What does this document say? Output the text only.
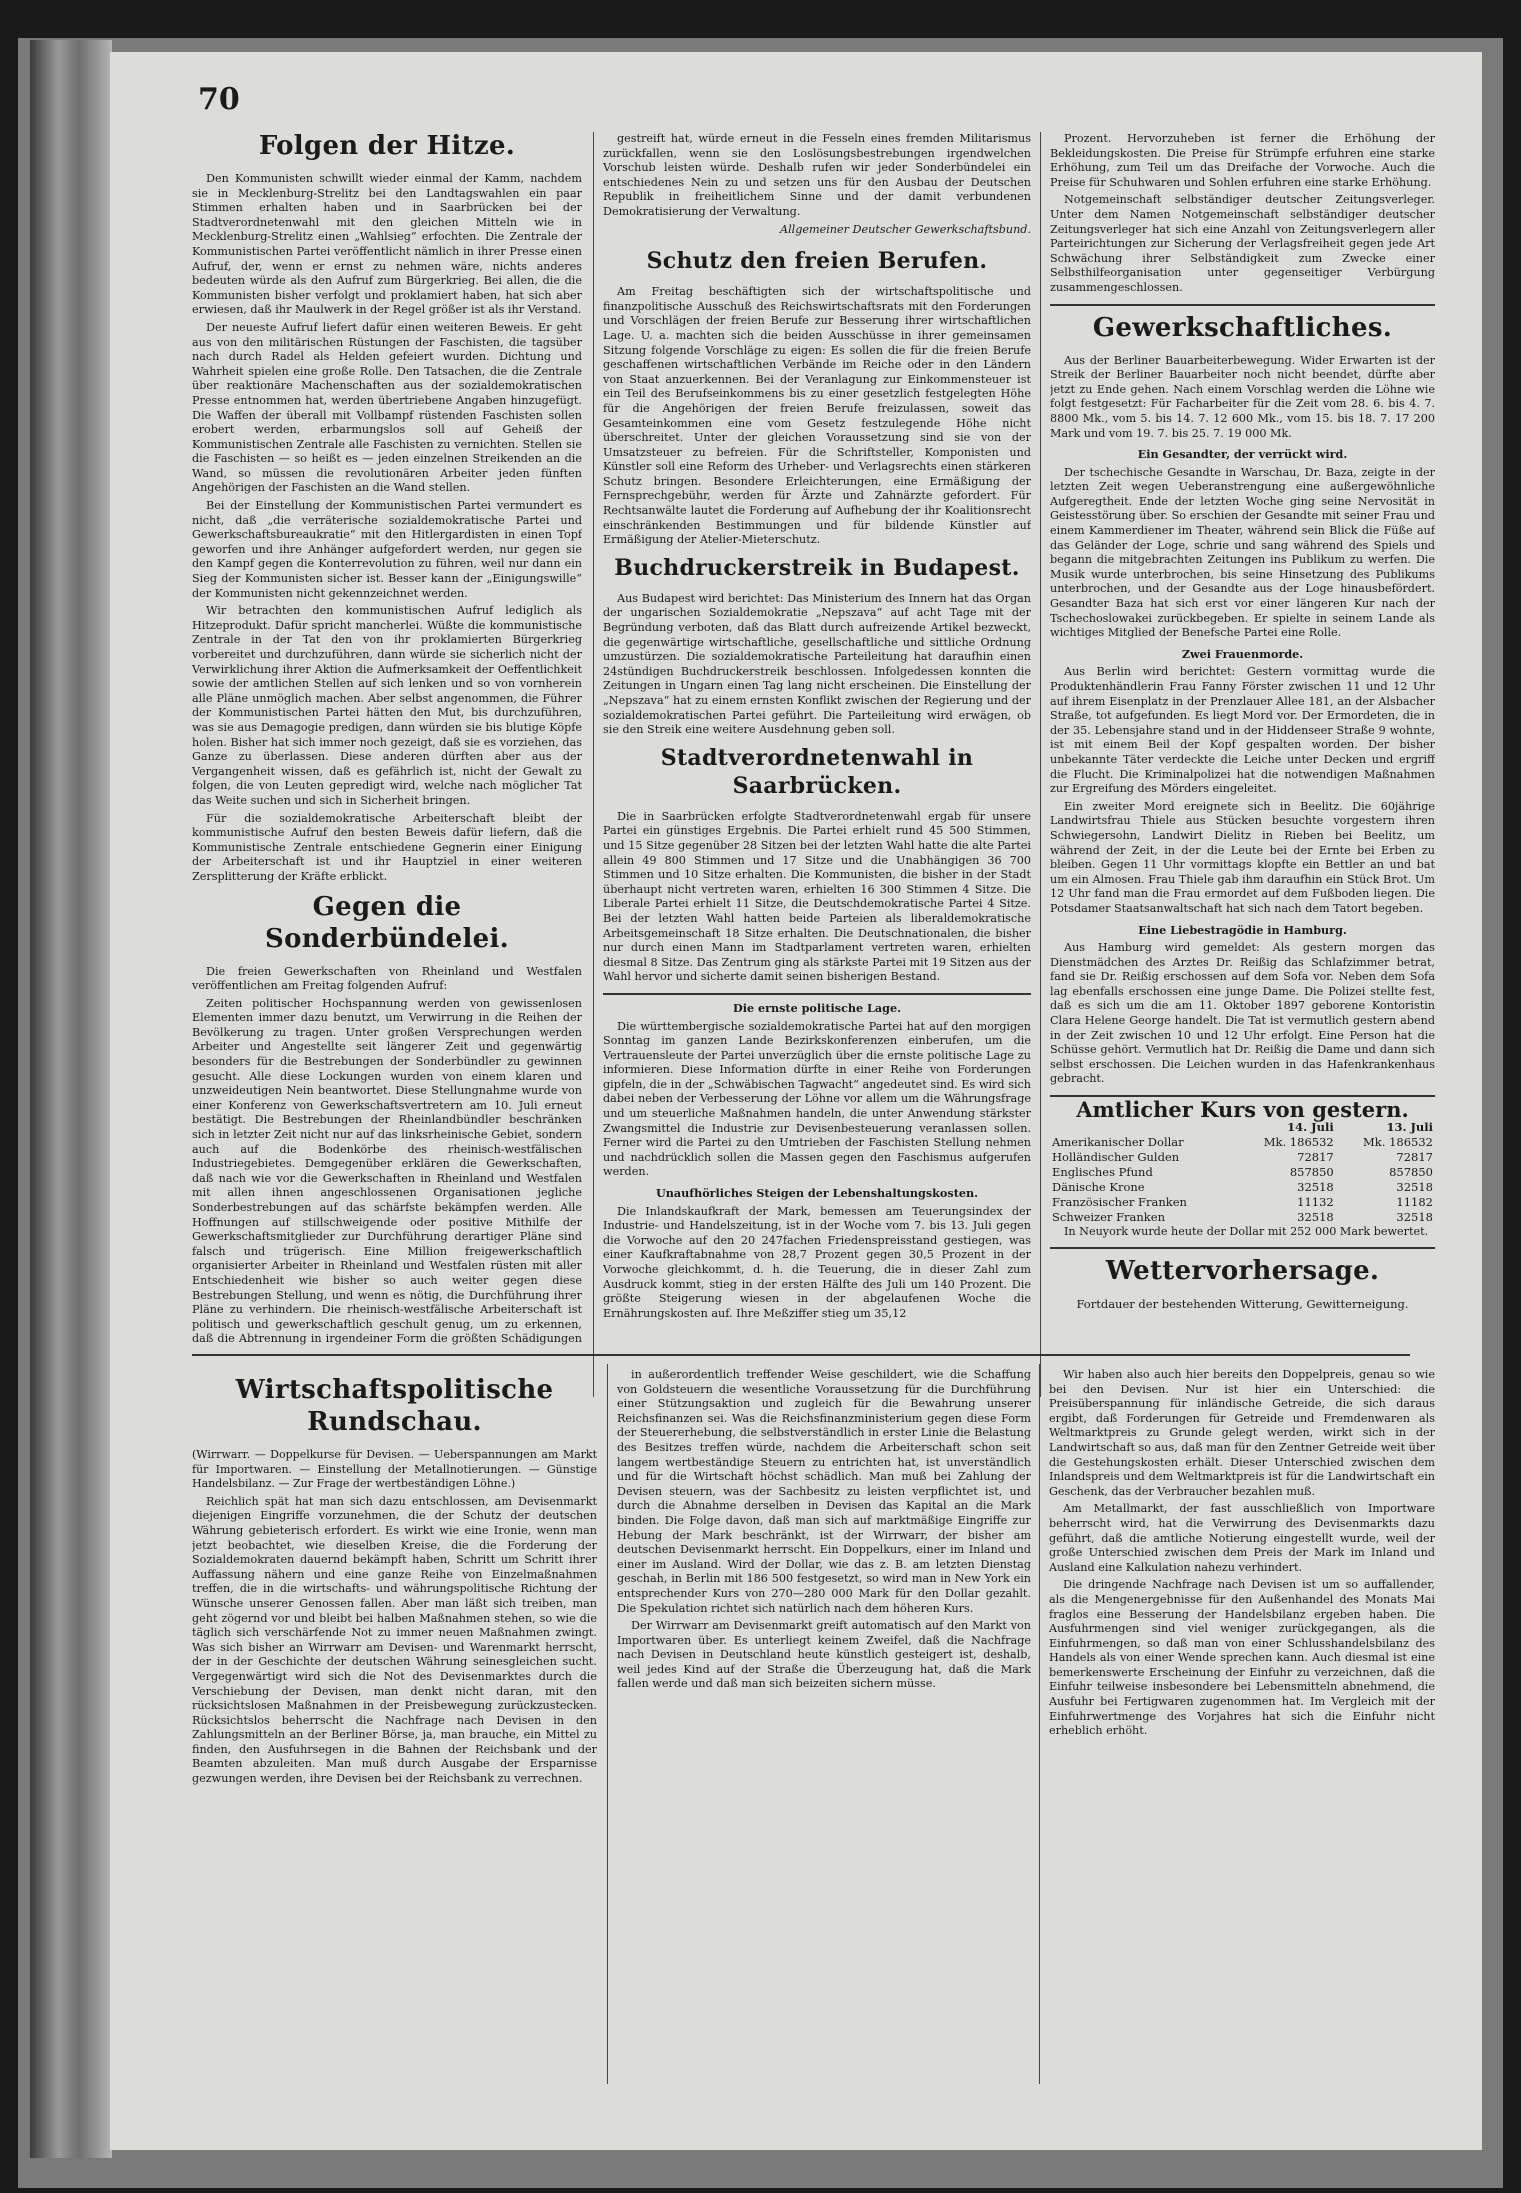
70
Folgen der Hitze.

Den Kommunisten schwillt wieder einmal der Kamm, nachdem sie in Mecklenburg-Strelitz bei den Landtagswahlen ein paar Stimmen erhalten haben und in Saarbrücken bei der Stadtverordnetenwahl mit den gleichen Mitteln wie in Mecklenburg-Strelitz einen „Wahlsieg“ erfochten. Die Zentrale der Kommunistischen Partei veröffentlicht nämlich in ihrer Presse einen Aufruf, der, wenn er ernst zu nehmen wäre, nichts anderes bedeuten würde als den Aufruf zum Bürgerkrieg. Bei allen, die die Kommunisten bisher verfolgt und proklamiert haben, hat sich aber erwiesen, daß ihr Maulwerk in der Regel größer ist als ihr Verstand.

Der neueste Aufruf liefert dafür einen weiteren Beweis. Er geht aus von den militärischen Rüstungen der Faschisten, die tagsüber nach durch Radel als Helden gefeiert wurden. Dichtung und Wahrheit spielen eine große Rolle. Den Tatsachen, die die Zentrale über reaktionäre Machenschaften aus der sozialdemokratischen Presse entnommen hat, werden übertriebene Angaben hinzugefügt. Die Waffen der überall mit Vollbampf rüstenden Faschisten sollen erobert werden, erbarmungslos soll auf Geheiß der Kommunistischen Zentrale alle Faschisten zu vernichten. Stellen sie die Faschisten — so heißt es — jeden einzelnen Streikenden an die Wand, so müssen die revolutionären Arbeiter jeden fünften Angehörigen der Faschisten an die Wand stellen.

Bei der Einstellung der Kommunistischen Partei vermundert es nicht, daß „die verräterische sozialdemokratische Partei und Gewerkschaftsbureaukratie“ mit den Hitlergardisten in einen Topf geworfen und ihre Anhänger aufgefordert werden, nur gegen sie den Kampf gegen die Konterrevolution zu führen, weil nur dann ein Sieg der Kommunisten sicher ist. Besser kann der „Einigungswille“ der Kommunisten nicht gekennzeichnet werden.

Wir betrachten den kommunistischen Aufruf lediglich als Hitzeprodukt. Dafür spricht mancherlei. Wüßte die kommunistische Zentrale in der Tat den von ihr proklamierten Bürgerkrieg vorbereitet und durchzuführen, dann würde sie sicherlich nicht der Verwirklichung ihrer Aktion die Aufmerksamkeit der Oeffentlichkeit sowie der amtlichen Stellen auf sich lenken und so von vornherein alle Pläne unmöglich machen. Aber selbst angenommen, die Führer der Kommunistischen Partei hätten den Mut, bis durchzuführen, was sie aus Demagogie predigen, dann würden sie bis blutige Köpfe holen. Bisher hat sich immer noch gezeigt, daß sie es vorziehen, das Ganze zu überlassen. Diese anderen dürften aber aus der Vergangenheit wissen, daß es gefährlich ist, nicht der Gewalt zu folgen, die von Leuten gepredigt wird, welche nach möglicher Tat das Weite suchen und sich in Sicherheit bringen.

Für die sozialdemokratische Arbeiterschaft bleibt der kommunistische Aufruf den besten Beweis dafür liefern, daß die Kommunistische Zentrale entschiedene Gegnerin einer Einigung der Arbeiterschaft ist und ihr Hauptziel in einer weiteren Zersplitterung der Kräfte erblickt.

Gegen die Sonderbündelei.

Die freien Gewerkschaften von Rheinland und Westfalen veröffentlichen am Freitag folgenden Aufruf:

Zeiten politischer Hochspannung werden von gewissenlosen Elementen immer dazu benutzt, um Verwirrung in die Reihen der Bevölkerung zu tragen. Unter großen Versprechungen werden Arbeiter und Angestellte seit längerer Zeit und gegenwärtig besonders für die Bestrebungen der Sonderbündler zu gewinnen gesucht. Alle diese Lockungen wurden von einem klaren und unzweideutigen Nein beantwortet. Diese Stellungnahme wurde von einer Konferenz von Gewerkschaftsvertretern am 10. Juli erneut bestätigt. Die Bestrebungen der Rheinlandbündler beschränken sich in letzter Zeit nicht nur auf das linksrheinische Gebiet, sondern auch auf die Bodenkörbe des rheinisch-westfälischen Industriegebietes. Demgegenüber erklären die Gewerkschaften, daß nach wie vor die Gewerkschaften in Rheinland und Westfalen mit allen ihnen angeschlossenen Organisationen jegliche Sonderbestrebungen auf das schärfste bekämpfen werden. Alle Hoffnungen auf stillschweigende oder positive Mithilfe der Gewerkschaftsmitglieder zur Durchführung derartiger Pläne sind falsch und trügerisch. Eine Million freigewerkschaftlich organisierter Arbeiter in Rheinland und Westfalen rüsten mit aller Entschiedenheit wie bisher so auch weiter gegen diese Bestrebungen Stellung, und wenn es nötig, die Durchführung ihrer Pläne zu verhindern. Die rheinisch-westfälische Arbeiterschaft ist politisch und gewerkschaftlich geschult genug, um zu erkennen, daß die Abtrennung in irgendeiner Form die größten Schädigungen

gestreift hat, würde erneut in die Fesseln eines fremden Militarismus zurückfallen, wenn sie den Loslösungsbestrebungen irgendwelchen Vorschub leisten würde. Deshalb rufen wir jeder Sonderbündelei ein entschiedenes Nein zu und setzen uns für den Ausbau der Deutschen Republik in freiheitlichem Sinne und der damit verbundenen Demokratisierung der Verwaltung.

Allgemeiner Deutscher Gewerkschaftsbund.

Schutz den freien Berufen.

Am Freitag beschäftigten sich der wirtschaftspolitische und finanzpolitische Ausschuß des Reichswirtschaftsrats mit den Forderungen und Vorschlägen der freien Berufe zur Besserung ihrer wirtschaftlichen Lage. U. a. machten sich die beiden Ausschüsse in ihrer gemeinsamen Sitzung folgende Vorschläge zu eigen: Es sollen die für die freien Berufe geschaffenen wirtschaftlichen Verbände im Reiche oder in den Ländern von Staat anzuerkennen. Bei der Veranlagung zur Einkommensteuer ist ein Teil des Berufseinkommens bis zu einer gesetzlich festgelegten Höhe für die Angehörigen der freien Berufe freizulassen, soweit das Gesamteinkommen eine vom Gesetz festzulegende Höhe nicht überschreitet. Unter der gleichen Voraussetzung sind sie von der Umsatzsteuer zu befreien. Für die Schriftsteller, Komponisten und Künstler soll eine Reform des Urheber- und Verlagsrechts einen stärkeren Schutz bringen. Besondere Erleichterungen, eine Ermäßigung der Fernsprechgebühr, werden für Ärzte und Zahnärzte gefordert. Für Rechtsanwälte lautet die Forderung auf Aufhebung der ihr Koalitionsrecht einschränkenden Bestimmungen und für bildende Künstler auf Ermäßigung der Atelier-Mieterschutz.

Buchdruckerstreik in Budapest.

Aus Budapest wird berichtet: Das Ministerium des Innern hat das Organ der ungarischen Sozialdemokratie „Nepszava“ auf acht Tage mit der Begründung verboten, daß das Blatt durch aufreizende Artikel bezweckt, die gegenwärtige wirtschaftliche, gesellschaftliche und sittliche Ordnung umzustürzen. Die sozialdemokratische Parteileitung hat daraufhin einen 24stündigen Buchdruckerstreik beschlossen. Infolgedessen konnten die Zeitungen in Ungarn einen Tag lang nicht erscheinen. Die Einstellung der „Nepszava“ hat zu einem ernsten Konflikt zwischen der Regierung und der sozialdemokratischen Partei geführt. Die Parteileitung wird erwägen, ob sie den Streik eine weitere Ausdehnung geben soll.

Stadtverordnetenwahl in Saarbrücken.

Die in Saarbrücken erfolgte Stadtverordnetenwahl ergab für unsere Partei ein günstiges Ergebnis. Die Partei erhielt rund 45 500 Stimmen, und 15 Sitze gegenüber 28 Sitzen bei der letzten Wahl hatte die alte Partei allein 49 800 Stimmen und 17 Sitze und die Unabhängigen 36 700 Stimmen und 10 Sitze erhalten. Die Kommunisten, die bisher in der Stadt überhaupt nicht vertreten waren, erhielten 16 300 Stimmen 4 Sitze. Die Liberale Partei erhielt 11 Sitze, die Deutschdemokratische Partei 4 Sitze. Bei der letzten Wahl hatten beide Parteien als liberaldemokratische Arbeitsgemeinschaft 18 Sitze erhalten. Die Deutschnationalen, die bisher nur durch einen Mann im Stadtparlament vertreten waren, erhielten diesmal 8 Sitze. Das Zentrum ging als stärkste Partei mit 19 Sitzen aus der Wahl hervor und sicherte damit seinen bisherigen Bestand.

Die ernste politische Lage.

Die württembergische sozialdemokratische Partei hat auf den morgigen Sonntag im ganzen Lande Bezirkskonferenzen einberufen, um die Vertrauensleute der Partei unverzüglich über die ernste politische Lage zu informieren. Diese Information dürfte in einer Reihe von Forderungen gipfeln, die in der „Schwäbischen Tagwacht“ angedeutet sind. Es wird sich dabei neben der Verbesserung der Löhne vor allem um die Währungsfrage und um steuerliche Maßnahmen handeln, die unter Anwendung stärkster Zwangsmittel die Industrie zur Devisenbesteuerung veranlassen sollen. Ferner wird die Partei zu den Umtrieben der Faschisten Stellung nehmen und nachdrücklich sollen die Massen gegen den Faschismus aufgerufen werden.

Unaufhörliches Steigen der Lebenshaltungskosten.

Die Inlandskaufkraft der Mark, bemessen am Teuerungsindex der Industrie- und Handelszeitung, ist in der Woche vom 7. bis 13. Juli gegen die Vorwoche auf den 20 247fachen Friedenspreisstand gestiegen, was einer Kaufkraftabnahme von 28,7 Prozent gegen 30,5 Prozent in der Vorwoche gleichkommt, d. h. die Teuerung, die in dieser Zahl zum Ausdruck kommt, stieg in der ersten Hälfte des Juli um 140 Prozent. Die größte Steigerung wiesen in der abgelaufenen Woche die Ernährungskosten auf. Ihre Meßziffer stieg um 35,12

Prozent. Hervorzuheben ist ferner die Erhöhung der Bekleidungskosten. Die Preise für Strümpfe erfuhren eine starke Erhöhung, zum Teil um das Dreifache der Vorwoche. Auch die Preise für Schuhwaren und Sohlen erfuhren eine starke Erhöhung.

Notgemeinschaft selbständiger deutscher Zeitungsverleger. Unter dem Namen Notgemeinschaft selbständiger deutscher Zeitungsverleger hat sich eine Anzahl von Zeitungsverlegern aller Parteirichtungen zur Sicherung der Verlagsfreiheit gegen jede Art Schwächung ihrer Selbständigkeit zum Zwecke einer Selbsthilfeorganisation unter gegenseitiger Verbürgung zusammengeschlossen.

Gewerkschaftliches.

Aus der Berliner Bauarbeiterbewegung. Wider Erwarten ist der Streik der Berliner Bauarbeiter noch nicht beendet, dürfte aber jetzt zu Ende gehen. Nach einem Vorschlag werden die Löhne wie folgt festgesetzt: Für Facharbeiter für die Zeit vom 28. 6. bis 4. 7. 8800 Mk., vom 5. bis 14. 7. 12 600 Mk., vom 15. bis 18. 7. 17 200 Mark und vom 19. 7. bis 25. 7. 19 000 Mk.

Ein Gesandter, der verrückt wird.

Der tschechische Gesandte in Warschau, Dr. Baza, zeigte in der letzten Zeit wegen Ueberanstrengung eine außergewöhnliche Aufgeregtheit. Ende der letzten Woche ging seine Nervosität in Geistesstörung über. So erschien der Gesandte mit seiner Frau und einem Kammerdiener im Theater, während sein Blick die Füße auf das Geländer der Loge, schrie und sang während des Spiels und begann die mitgebrachten Zeitungen ins Publikum zu werfen. Die Musik wurde unterbrochen, bis seine Hinsetzung des Publikums unterbrochen, und der Gesandte aus der Loge hinausbefördert. Gesandter Baza hat sich erst vor einer längeren Kur nach der Tschechoslowakei zurückbegeben. Er spielte in seinem Lande als wichtiges Mitglied der Benefsche Partei eine Rolle.

Zwei Frauenmorde.

Aus Berlin wird berichtet: Gestern vormittag wurde die Produktenhändlerin Frau Fanny Förster zwischen 11 und 12 Uhr auf ihrem Eisenplatz in der Prenzlauer Allee 181, an der Alsbacher Straße, tot aufgefunden. Es liegt Mord vor. Der Ermordeten, die in der 35. Lebensjahre stand und in der Hiddenseer Straße 9 wohnte, ist mit einem Beil der Kopf gespalten worden. Der bisher unbekannte Täter verdeckte die Leiche unter Decken und ergriff die Flucht. Die Kriminalpolizei hat die notwendigen Maßnahmen zur Ergreifung des Mörders eingeleitet.

Ein zweiter Mord ereignete sich in Beelitz. Die 60jährige Landwirtsfrau Thiele aus Stücken besuchte vorgestern ihren Schwiegersohn, Landwirt Dielitz in Rieben bei Beelitz, um während der Zeit, in der die Leute bei der Ernte bei Erben zu bleiben. Gegen 11 Uhr vormittags klopfte ein Bettler an und bat um ein Almosen. Frau Thiele gab ihm daraufhin ein Stück Brot. Um 12 Uhr fand man die Frau ermordet auf dem Fußboden liegen. Die Potsdamer Staatsanwaltschaft hat sich nach dem Tatort begeben.

Eine Liebestragödie in Hamburg.

Aus Hamburg wird gemeldet: Als gestern morgen das Dienstmädchen des Arztes Dr. Reißig das Schlafzimmer betrat, fand sie Dr. Reißig erschossen auf dem Sofa vor. Neben dem Sofa lag ebenfalls erschossen eine junge Dame. Die Polizei stellte fest, daß es sich um die am 11. Oktober 1897 geborene Kontoristin Clara Helene George handelt. Die Tat ist vermutlich gestern abend in der Zeit zwischen 10 und 12 Uhr erfolgt. Eine Person hat die Schüsse gehört. Vermutlich hat Dr. Reißig die Dame und dann sich selbst erschossen. Die Leichen wurden in das Hafenkrankenhaus gebracht.

Amtlicher Kurs von gestern.
	14. Juli	13. Juli
Amerikanischer Dollar	Mk. 186532	Mk. 186532
Holländischer Gulden	72817	72817
Englisches Pfund	857850	857850
Dänische Krone	32518	32518
Französischer Franken	11132	11182
Schweizer Franken	32518	32518

In Neuyork wurde heute der Dollar mit 252 000 Mark bewertet.

Wettervorhersage.
Fortdauer der bestehenden Witterung, Gewitterneigung.
Wirtschaftspolitische Rundschau.

(Wirrwarr. — Doppelkurse für Devisen. — Ueberspannungen am Markt für Importwaren. — Einstellung der Metallnotierungen. — Günstige Handelsbilanz. — Zur Frage der wertbeständigen Löhne.)

Reichlich spät hat man sich dazu entschlossen, am Devisenmarkt diejenigen Eingriffe vorzunehmen, die der Schutz der deutschen Währung gebieterisch erfordert. Es wirkt wie eine Ironie, wenn man jetzt beobachtet, wie dieselben Kreise, die die Forderung der Sozialdemokraten dauernd bekämpft haben, Schritt um Schritt ihrer Auffassung nähern und eine ganze Reihe von Einzelmaßnahmen treffen, die in die wirtschafts- und währungspolitische Richtung der Wünsche unserer Genossen fallen. Aber man läßt sich treiben, man geht zögernd vor und bleibt bei halben Maßnahmen stehen, so wie die täglich sich verschärfende Not zu immer neuen Maßnahmen zwingt. Was sich bisher an Wirrwarr am Devisen- und Warenmarkt herrscht, der in der Geschichte der deutschen Währung seinesgleichen sucht. Vergegenwärtigt wird sich die Not des Devisenmarktes durch die Verschiebung der Devisen, man denkt nicht daran, mit den rücksichtslosen Maßnahmen in der Preisbewegung zurückzustecken. Rücksichtslos beherrscht die Nachfrage nach Devisen in den Zahlungsmitteln an der Berliner Börse, ja, man brauche, ein Mittel zu finden, den Ausfuhrsegen in die Bahnen der Reichsbank und der Beamten abzuleiten. Man muß durch Ausgabe der Ersparnisse gezwungen werden, ihre Devisen bei der Reichsbank zu verrechnen.

in außerordentlich treffender Weise geschildert, wie die Schaffung von Goldsteuern die wesentliche Voraussetzung für die Durchführung einer Stützungsaktion und zugleich für die Bewahrung unserer Reichsfinanzen sei. Was die Reichsfinanzministerium gegen diese Form der Steuererhebung, die selbstverständlich in erster Linie die Belastung des Besitzes treffen würde, nachdem die Arbeiterschaft schon seit langem wertbeständige Steuern zu entrichten hat, ist unverständlich und für die Wirtschaft höchst schädlich. Man muß bei Zahlung der Devisen steuern, was der Sachbesitz zu leisten verpflichtet ist, und durch die Abnahme derselben in Devisen das Kapital an die Mark binden. Die Folge davon, daß man sich auf marktmäßige Eingriffe zur Hebung der Mark beschränkt, ist der Wirrwarr, der bisher am deutschen Devisenmarkt herrscht. Ein Doppelkurs, einer im Inland und einer im Ausland. Wird der Dollar, wie das z. B. am letzten Dienstag geschah, in Berlin mit 186 500 festgesetzt, so wird man in New York ein entsprechender Kurs von 270—280 000 Mark für den Dollar gezahlt. Die Spekulation richtet sich natürlich nach dem höheren Kurs.

Der Wirrwarr am Devisenmarkt greift automatisch auf den Markt von Importwaren über. Es unterliegt keinem Zweifel, daß die Nachfrage nach Devisen in Deutschland heute künstlich gesteigert ist, deshalb, weil jedes Kind auf der Straße die Überzeugung hat, daß die Mark fallen werde und daß man sich beizeiten sichern müsse.

Wir haben also auch hier bereits den Doppelpreis, genau so wie bei den Devisen. Nur ist hier ein Unterschied: die Preisüberspannung für inländische Getreide, die sich daraus ergibt, daß Forderungen für Getreide und Fremdenwaren als Weltmarktpreis zu Grunde gelegt werden, wirkt sich in der Landwirtschaft so aus, daß man für den Zentner Getreide weit über die Gestehungskosten erhält. Dieser Unterschied zwischen dem Inlandspreis und dem Weltmarktpreis ist für die Landwirtschaft ein Geschenk, das der Verbraucher bezahlen muß.

Am Metallmarkt, der fast ausschließlich von Importware beherrscht wird, hat die Verwirrung des Devisenmarkts dazu geführt, daß die amtliche Notierung eingestellt wurde, weil der große Unterschied zwischen dem Preis der Mark im Inland und Ausland eine Kalkulation nahezu verhindert.

Die dringende Nachfrage nach Devisen ist um so auffallender, als die Mengenergebnisse für den Außenhandel des Monats Mai fraglos eine Besserung der Handelsbilanz ergeben haben. Die Ausfuhrmengen sind viel weniger zurückgegangen, als die Einfuhrmengen, so daß man von einer Schlusshandelsbilanz des Handels als von einer Wende sprechen kann. Auch diesmal ist eine bemerkenswerte Erscheinung der Einfuhr zu verzeichnen, daß die Einfuhr teilweise insbesondere bei Lebensmitteln abnehmend, die Ausfuhr bei Fertigwaren zugenommen hat. Im Vergleich mit der Einfuhrwertmenge des Vorjahres hat sich die Einfuhr nicht erheblich erhöht.
